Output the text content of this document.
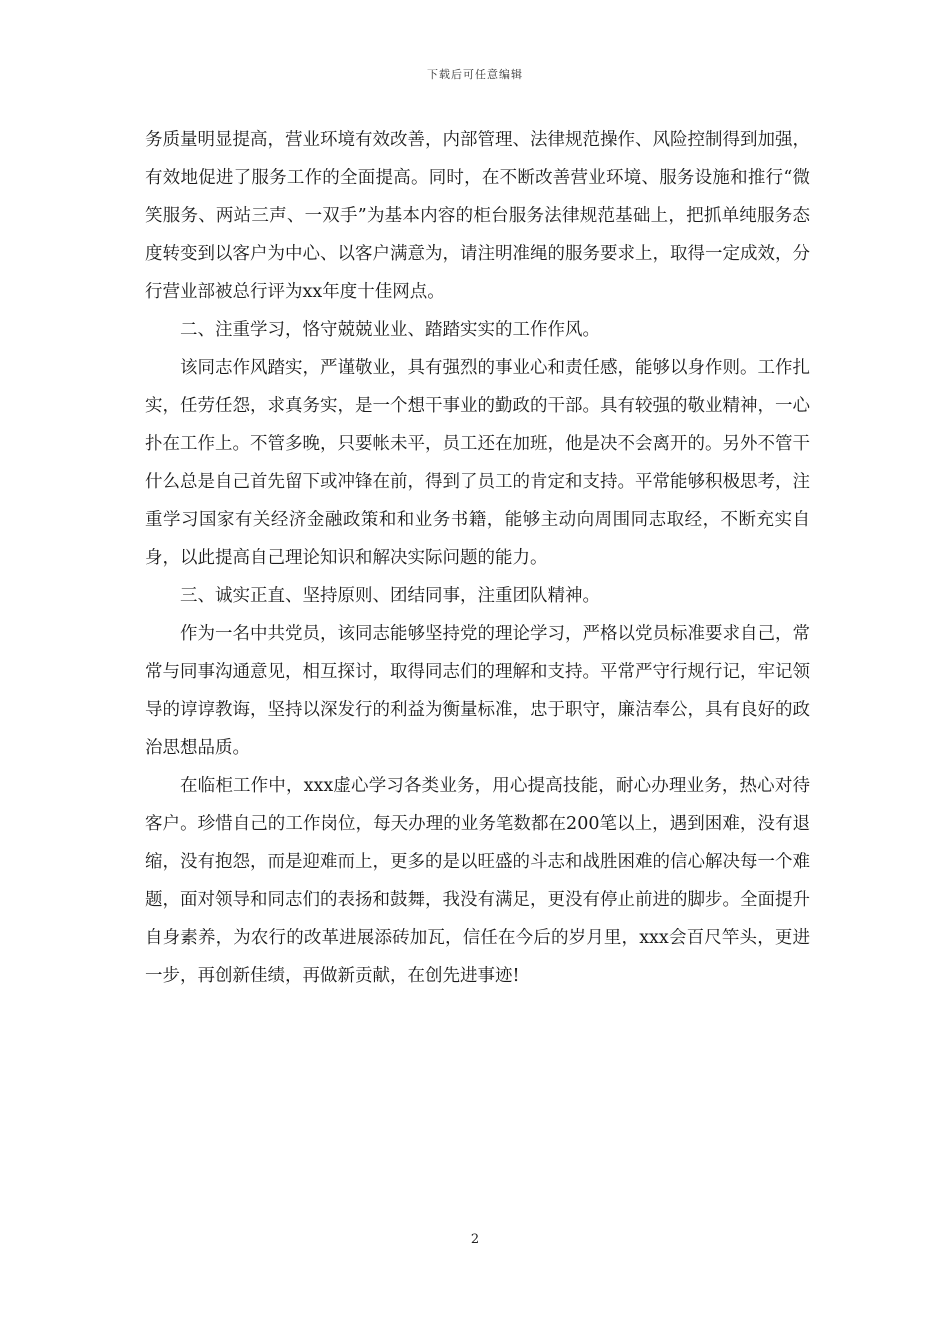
下载后可任意编辑

务质量明显提高，营业环境有效改善，内部管理、法律规范操作、风险控制得到加强，有效地促进了服务工作的全面提高。同时，在不断改善营业环境、服务设施和推行“微笑服务、两站三声、一双手”为基本内容的柜台服务法律规范基础上，把抓单纯服务态度转变到以客户为中心、以客户满意为，请注明准绳的服务要求上，取得一定成效，分行营业部被总行评为xx年度十佳网点。

二、注重学习，恪守兢兢业业、踏踏实实的工作作风。

该同志作风踏实，严谨敬业，具有强烈的事业心和责任感，能够以身作则。工作扎实，任劳任怨，求真务实，是一个想干事业的勤政的干部。具有较强的敬业精神，一心扑在工作上。不管多晚，只要帐未平，员工还在加班，他是决不会离开的。另外不管干什么总是自己首先留下或冲锋在前，得到了员工的肯定和支持。平常能够积极思考，注重学习国家有关经济金融政策和和业务书籍，能够主动向周围同志取经，不断充实自身，以此提高自己理论知识和解决实际问题的能力。

三、诚实正直、坚持原则、团结同事，注重团队精神。

作为一名中共党员，该同志能够坚持党的理论学习，严格以党员标准要求自己，常常与同事沟通意见，相互探讨，取得同志们的理解和支持。平常严守行规行记，牢记领导的谆谆教诲，坚持以深发行的利益为衡量标准，忠于职守，廉洁奉公，具有良好的政治思想品质。

在临柜工作中，xxx虚心学习各类业务，用心提高技能，耐心办理业务，热心对待客户。珍惜自己的工作岗位，每天办理的业务笔数都在200笔以上，遇到困难，没有退缩，没有抱怨，而是迎难而上，更多的是以旺盛的斗志和战胜困难的信心解决每一个难题，面对领导和同志们的表扬和鼓舞，我没有满足，更没有停止前进的脚步。全面提升自身素养，为农行的改革进展添砖加瓦，信任在今后的岁月里，xxx会百尺竿头，更进一步，再创新佳绩，再做新贡献，在创先进事迹!

2
